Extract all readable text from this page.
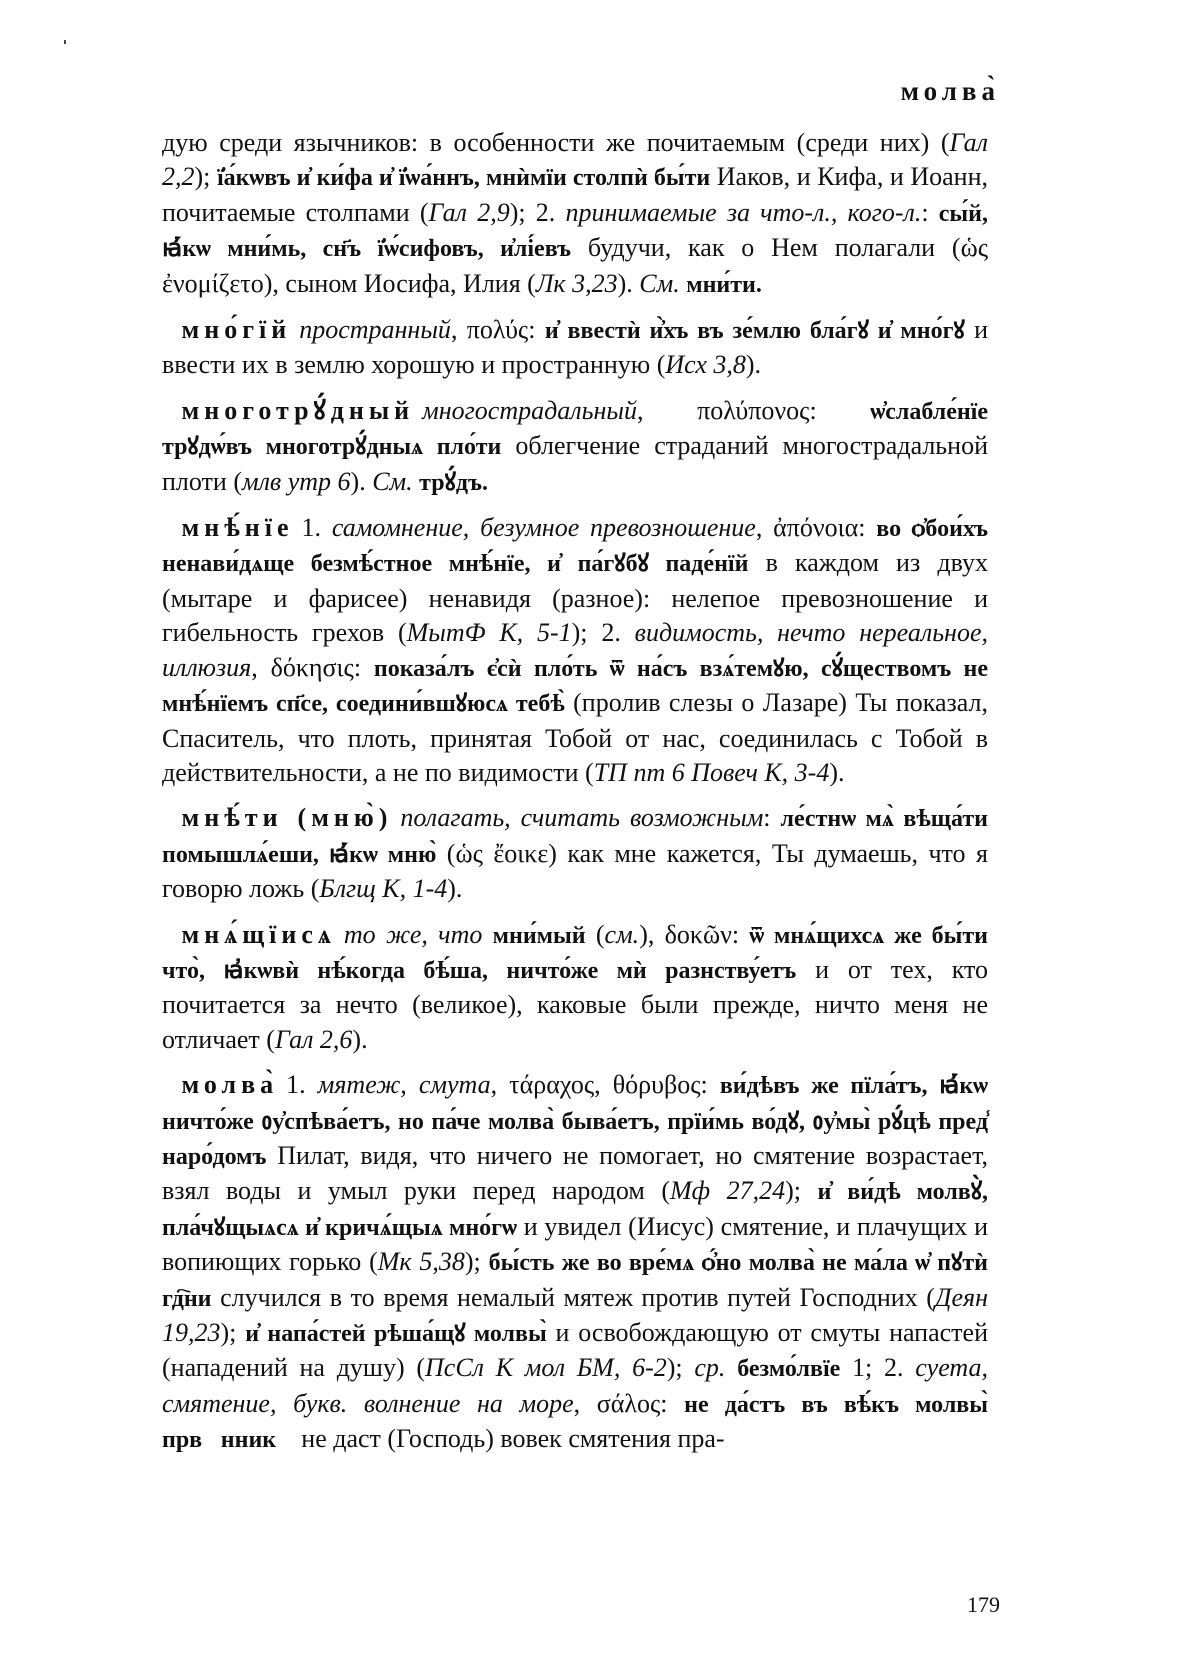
молва̀

дую среди язычников: в особенности же почитаемым (среди них) (Гал 2,2); ї҆а́кѡвъ и҆ ки́фа и҆ ї҆ѡа́ннъ, мнѝмїи столпѝ бы́ти Иаков, и Кифа, и Иоанн, почитаемые столпами (Гал 2,9); 2. принимаемые за что-л., кого-л.: сы́й, ꙗ҆́кѡ мни́мь, сн҃ъ ї҆ѡ́сифовъ, и҆лі́евъ будучи, как о Нем полагали (ὡς ἐνομίζετο), сыном Иосифа, Илия (Лк 3,23). См. мни́ти.

мно́гїй пространный, πολύς: и҆ ввестѝ и҆̀хъ въ зе́млю бла́гꙋ и҆ мно́гꙋ и ввести их в землю хорошую и пространную (Исх 3,8).

многотрꙋ́дный многострадальный, πολύπονος: ѡ҆слабле́нїе трꙋдѡ́въ многотрꙋ́дныѧ пло́ти облегчение страданий многострадальной плоти (млв утр 6). См. трꙋ́дъ.

мнѣ́нїе 1. самомнение, безумное превозношение, ἀπόνοια: во ѻ҆бои́хъ ненави́дѧще безмѣ́стное мнѣ́нїе, и҆ па́гꙋбꙋ паде́нїй в каждом из двух (мытаре и фарисее) ненавидя (разное): нелепое превозношение и гибельность грехов (МытФ К, 5-1); 2. видимость, нечто нереальное, иллюзия, δόκησις: показа́лъ є҆сѝ пло́ть ѿ на́съ взѧ́темꙋю, сꙋ́ществомъ не мнѣ́нїемъ сп҃се, соедини́вшꙋюсѧ тебѣ̀ (пролив слезы о Лазаре) Ты показал, Спаситель, что плоть, принятая Тобой от нас, соединилась с Тобой в действительности, а не по видимости (ТП пт 6 Повеч К, 3-4).

мнѣ́ти (мню̀) полагать, считать возможным: ле́стнѡ мѧ̀ вѣща́ти помышлѧ́еши, ꙗ҆́кѡ мню̀ (ὡς ἔοικε) как мне кажется, Ты думаешь, что я говорю ложь (Блгщ К, 1-4).

мнѧ́щїисѧ то же, что мни́мый (см.), δοκῶν: ѿ мнѧ́щихсѧ же бы́ти что̀, ꙗ҆кѡвѝ нѣ́когда бѣ́ша, ничто́же мѝ разнству́етъ и от тех, кто почитается за нечто (великое), каковые были прежде, ничто меня не отличает (Гал 2,6).

молва̀ 1. мятеж, смута, τάραχος, θόρυβος: ви́дѣвъ же пїла́тъ, ꙗ҆́кѡ ничто́же ᲂу҆спѣва́етъ, но па́че молва̀ быва́етъ, прїи́мь во́дꙋ, ᲂу҆мы̀ рꙋ́цѣ пред̾ наро́домъ Пилат, видя, что ничего не помогает, но смятение возрастает, взял воды и умыл руки перед народом (Мф 27,24); и҆ ви́дѣ молвꙋ̀, пла́чꙋщыѧсѧ и҆ кричѧ́щыѧ мно́гѡ и увидел (Иисус) смятение, и плачущих и вопиющих горько (Мк 5,38); бы́сть же во вре́мѧ ѻ҆́но молва̀ не ма́ла ѡ҆ пꙋтѝ гд҇ни случился в то время немалый мятеж против путей Господних (Деян 19,23); и҆ напа́стей рѣша́щꙋ молвы̀ и освобождающую от смуты напастей (нападений на душу) (ПсСл К мол БМ, 6-2); ср. безмо́лвїе 1; 2. суета, смятение, букв. волнение на море, σάλος: не да́стъ въ вѣ́къ молвы̀ првⷣнникꙋ не даст (Господь) вовек смятения пра-

179
